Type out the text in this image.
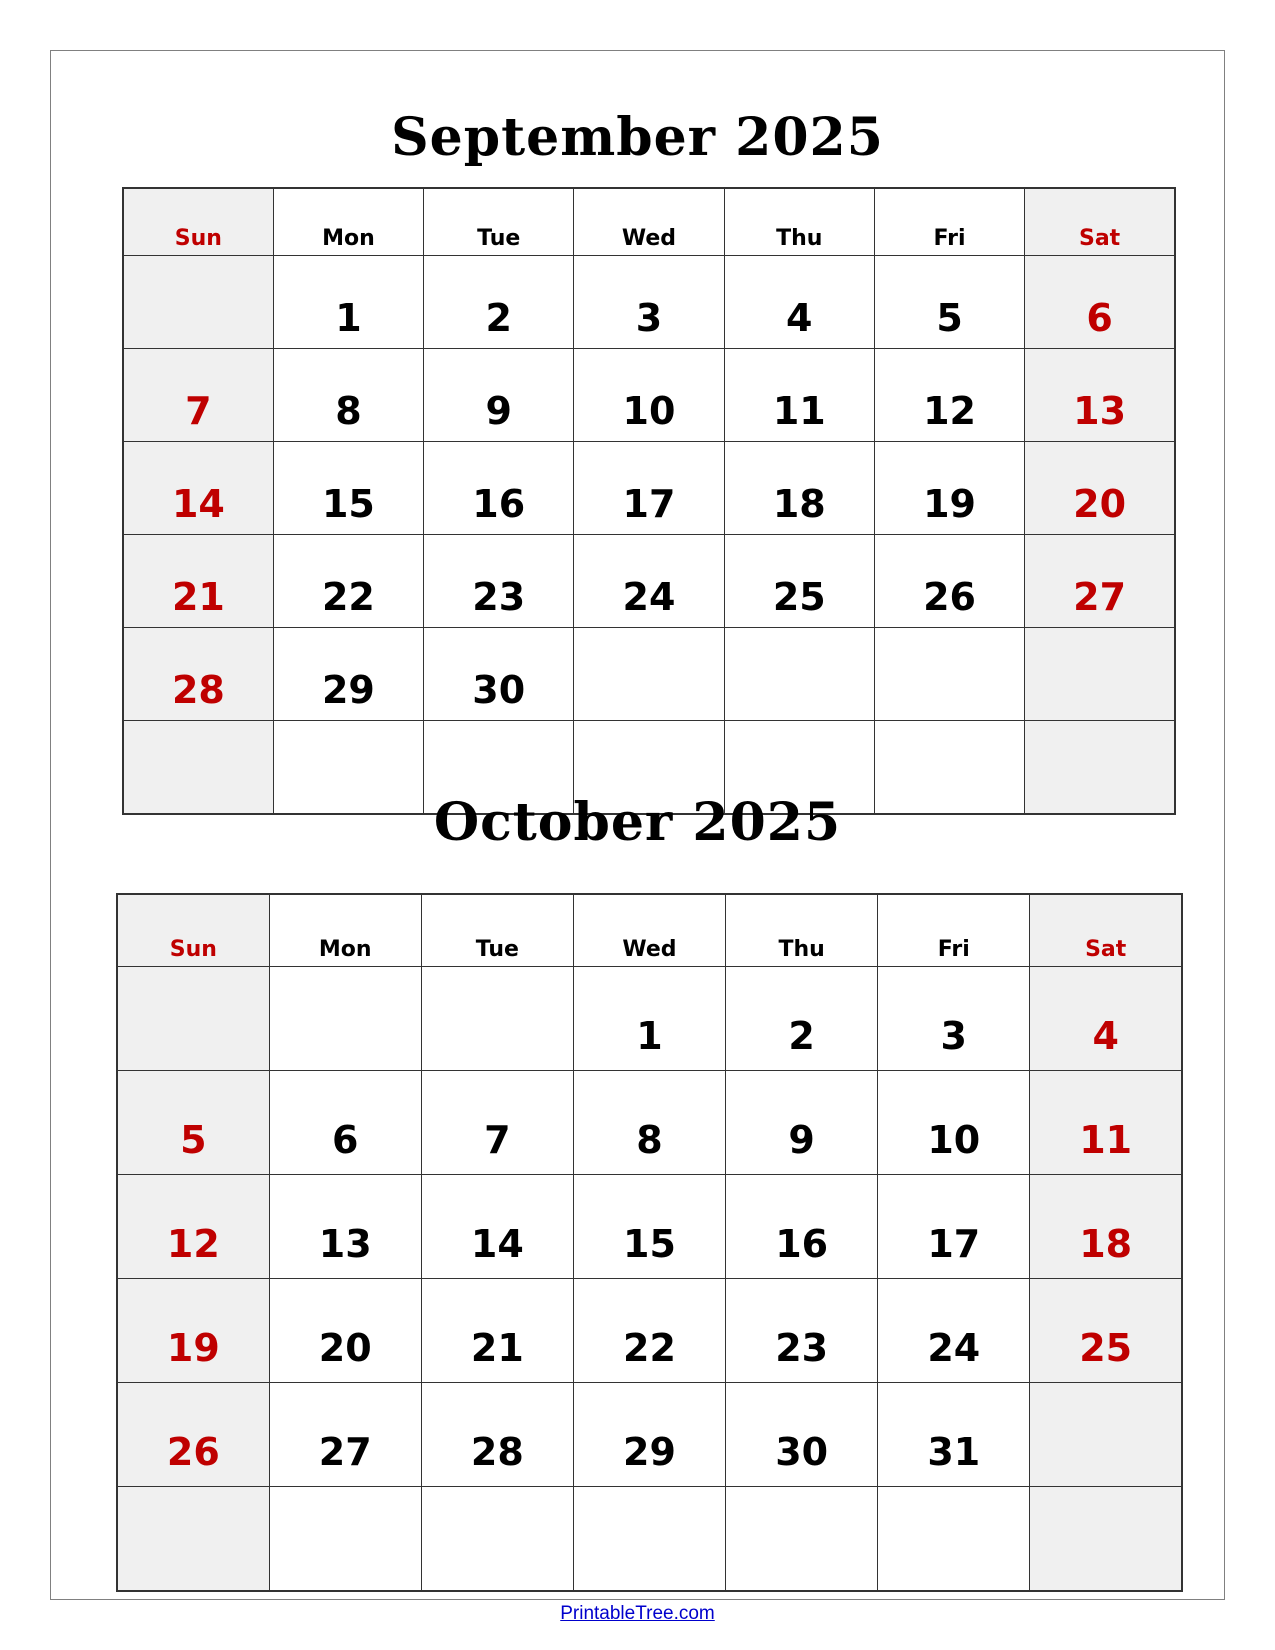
September 2025
Sun	Mon	Tue	Wed	Thu	Fri	Sat
	1	2	3	4	5	6
7	8	9	10	11	12	13
14	15	16	17	18	19	20
21	22	23	24	25	26	27
28	29	30				

October 2025
Sun	Mon	Tue	Wed	Thu	Fri	Sat
			1	2	3	4
5	6	7	8	9	10	11
12	13	14	15	16	17	18
19	20	21	22	23	24	25
26	27	28	29	30	31	

PrintableTree.com
